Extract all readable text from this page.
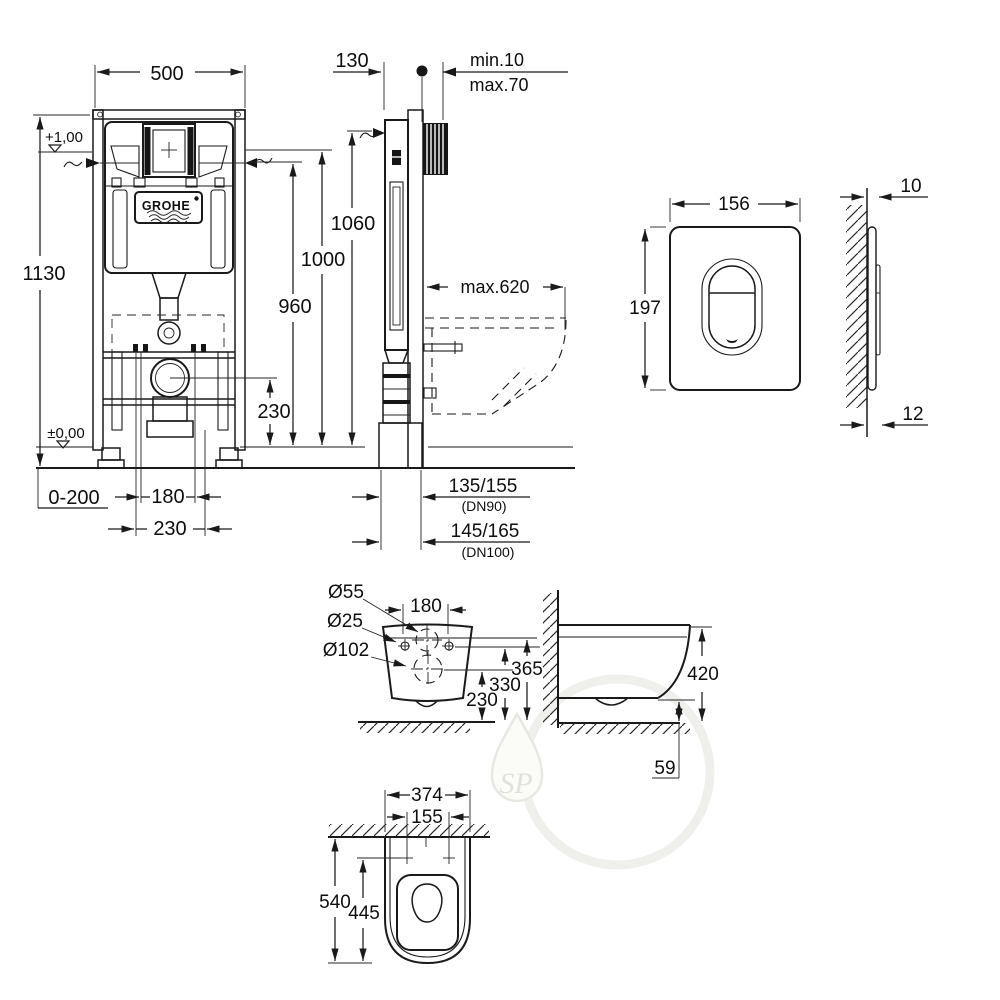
SP
GROHE
+1,00
±0,00
500
1130
230
0-200	180
230
130	min.10
max.70
1060
1000
960
max.620
135/155
(DN90)
145/165
(DN100)
156
197
10
12
Ø55
Ø25
Ø102
180
365
330
230
420
59
374
155
540
445
